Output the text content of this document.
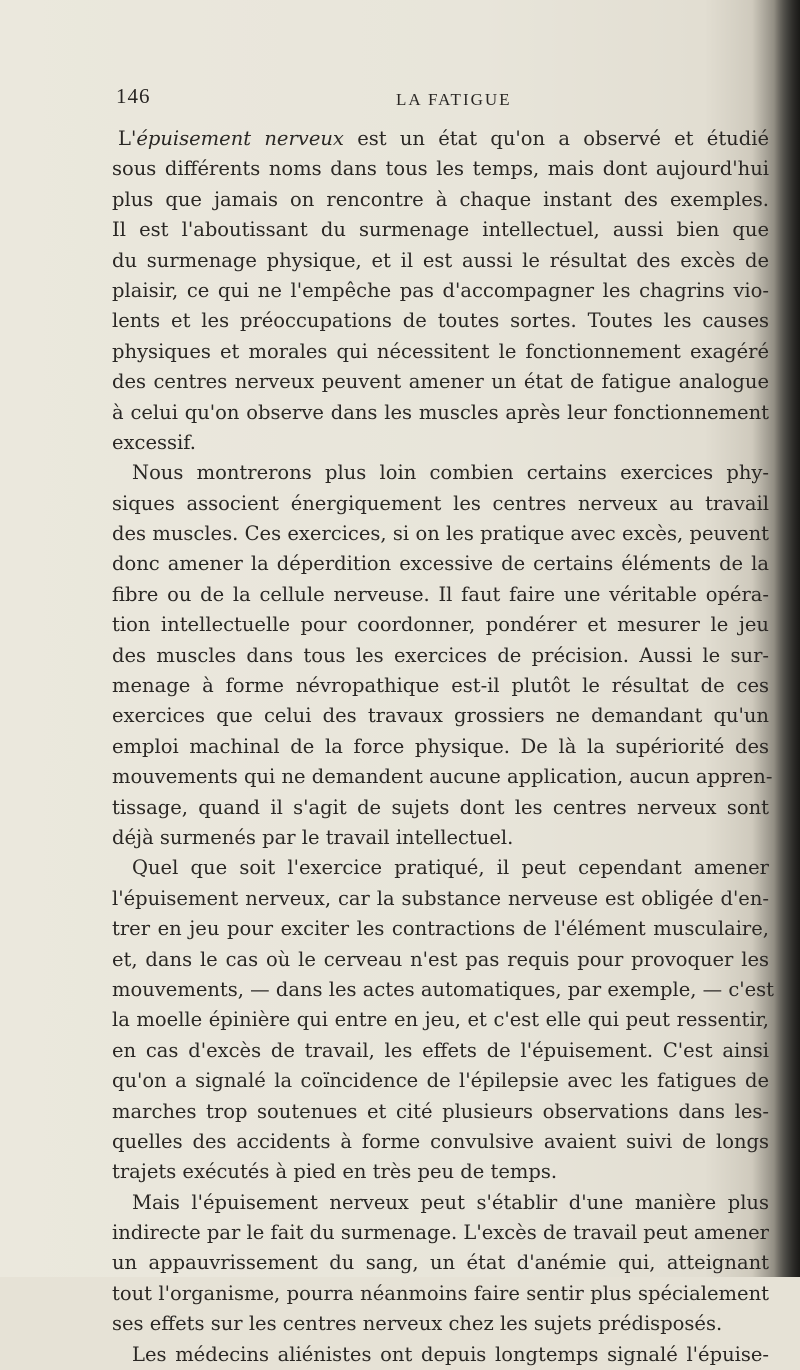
146	LA FATIGUE
L'épuisement nerveux est un état qu'on a observé et étudié
sous différents noms dans tous les temps, mais dont aujourd'hui
plus que jamais on rencontre à chaque instant des exemples.
Il est l'aboutissant du surmenage intellectuel, aussi bien que
du surmenage physique, et il est aussi le résultat des excès de
plaisir, ce qui ne l'empêche pas d'accompagner les chagrins vio-
lents et les préoccupations de toutes sortes. Toutes les causes
physiques et morales qui nécessitent le fonctionnement exagéré
des centres nerveux peuvent amener un état de fatigue analogue
à celui qu'on observe dans les muscles après leur fonctionnement
excessif.
Nous montrerons plus loin combien certains exercices phy-
siques associent énergiquement les centres nerveux au travail
des muscles. Ces exercices, si on les pratique avec excès, peuvent
donc amener la déperdition excessive de certains éléments de la
fibre ou de la cellule nerveuse. Il faut faire une véritable opéra-
tion intellectuelle pour coordonner, pondérer et mesurer le jeu
des muscles dans tous les exercices de précision. Aussi le sur-
menage à forme névropathique est-il plutôt le résultat de ces
exercices que celui des travaux grossiers ne demandant qu'un
emploi machinal de la force physique. De là la supériorité des
mouvements qui ne demandent aucune application, aucun appren-
tissage, quand il s'agit de sujets dont les centres nerveux sont
déjà surmenés par le travail intellectuel.
Quel que soit l'exercice pratiqué, il peut cependant amener
l'épuisement nerveux, car la substance nerveuse est obligée d'en-
trer en jeu pour exciter les contractions de l'élément musculaire,
et, dans le cas où le cerveau n'est pas requis pour provoquer les
mouvements, — dans les actes automatiques, par exemple, — c'est
la moelle épinière qui entre en jeu, et c'est elle qui peut ressentir,
en cas d'excès de travail, les effets de l'épuisement. C'est ainsi
qu'on a signalé la coïncidence de l'épilepsie avec les fatigues de
marches trop soutenues et cité plusieurs observations dans les-
quelles des accidents à forme convulsive avaient suivi de longs
trajets exécutés à pied en très peu de temps.
Mais l'épuisement nerveux peut s'établir d'une manière plus
indirecte par le fait du surmenage. L'excès de travail peut amener
un appauvrissement du sang, un état d'anémie qui, atteignant
tout l'organisme, pourra néanmoins faire sentir plus spécialement
ses effets sur les centres nerveux chez les sujets prédisposés.
Les médecins aliénistes ont depuis longtemps signalé l'épuise-
